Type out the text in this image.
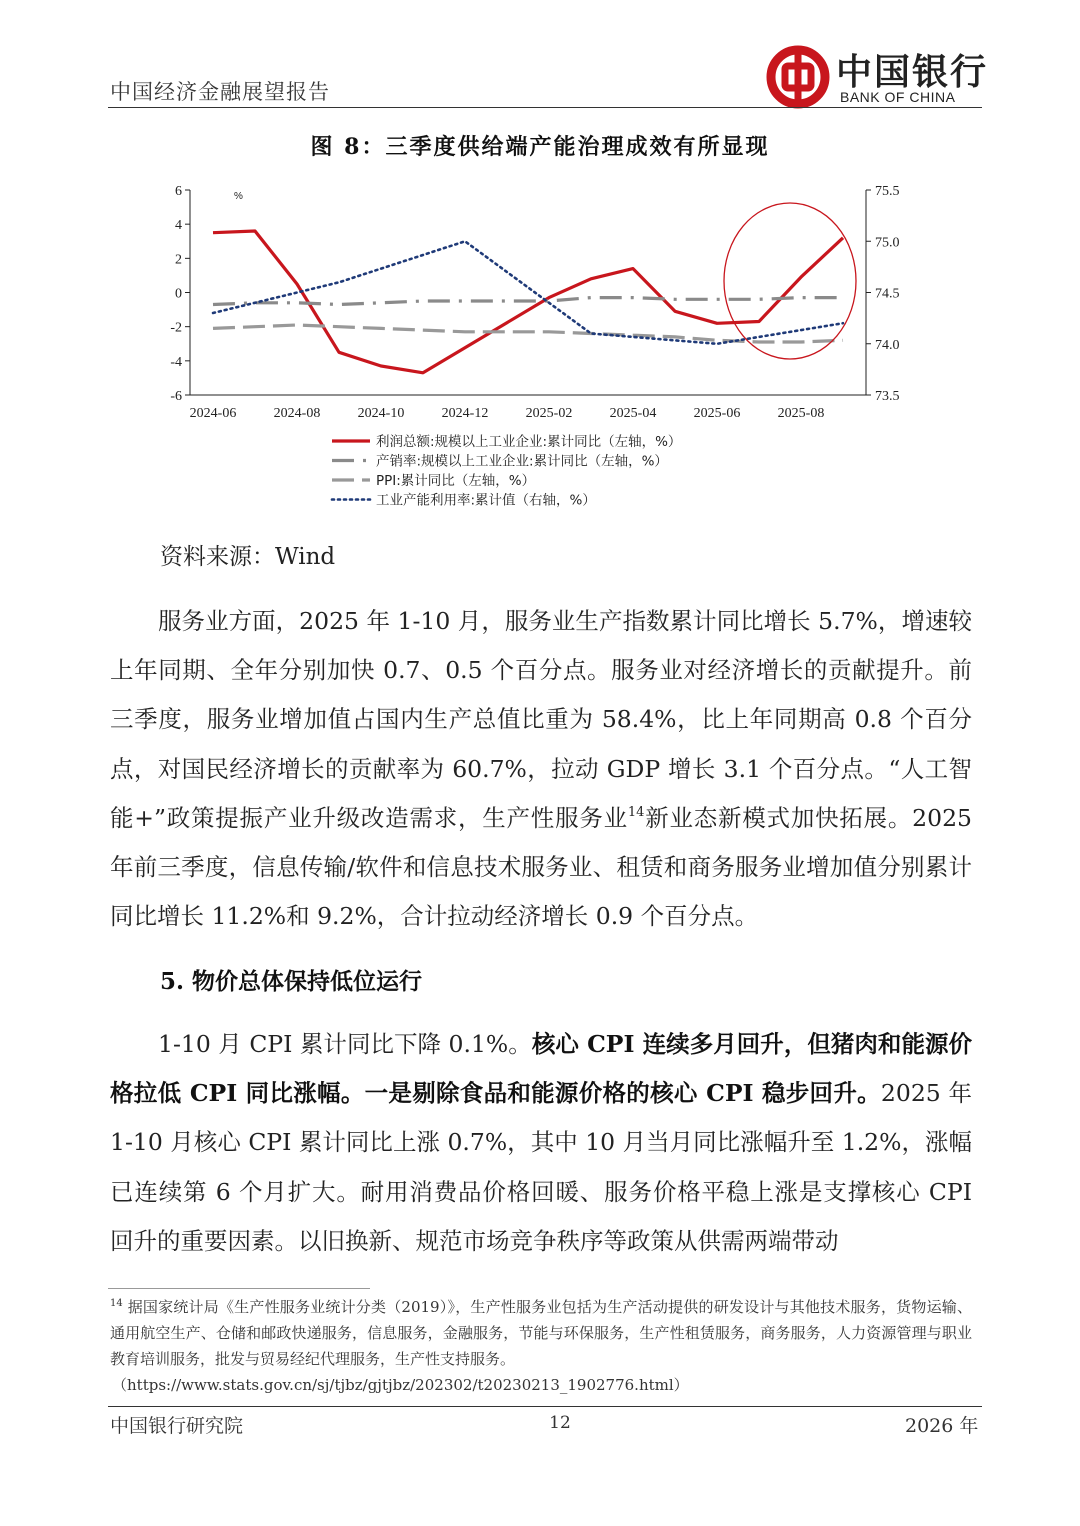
中国经济金融展望报告	中国银行
BANK OF CHINA
图 8：三季度供给端产能治理成效有所显现
6
4
2
0
-2
-4
-6
75.5
75.0
74.5
74.0
73.5
%
2024-06	2024-08	2024-10	2024-12	2025-02	2025-04	2025-06	2025-08
利润总额:规模以上工业企业:累计同比（左轴，%）
产销率:规模以上工业企业:累计同比（左轴，%）
PPI:累计同比（左轴，%）
工业产能利用率:累计值（右轴，%）
资料来源：Wind
服务业方面，2025 年 1-10 月，服务业生产指数累计同比增长 5.7%，增速较上年同期、全年分别加快 0.7、0.5 个百分点。服务业对经济增长的贡献提升。前三季度，服务业增加值占国内生产总值比重为 58.4%，比上年同期高 0.8 个百分点，对国民经济增长的贡献率为 60.7%，拉动 GDP 增长 3.1 个百分点。“人工智能+”政策提振产业升级改造需求，生产性服务业$^{14}$新业态新模式加快拓展。2025 年前三季度，信息传输/软件和信息技术服务业、租赁和商务服务业增加值分别累计同比增长 11.2%和 9.2%，合计拉动经济增长 0.9 个百分点。
5. 物价总体保持低位运行
1-10 月 CPI 累计同比下降 0.1%。核心 CPI 连续多月回升，但猪肉和能源价格拉低 CPI 同比涨幅。一是剔除食品和能源价格的核心 CPI 稳步回升。2025 年 1-10 月核心 CPI 累计同比上涨 0.7%，其中 10 月当月同比涨幅升至 1.2%，涨幅已连续第 6 个月扩大。耐用消费品价格回暖、服务价格平稳上涨是支撑核心 CPI 回升的重要因素。以旧换新、规范市场竞争秩序等政策从供需两端带动
$^{14}$ 据国家统计局《生产性服务业统计分类（2019）》，生产性服务业包括为生产活动提供的研发设计与其他技术服务，货物运输、通用航空生产、仓储和邮政快递服务，信息服务，金融服务，节能与环保服务，生产性租赁服务，商务服务，人力资源管理与职业教育培训服务，批发与贸易经纪代理服务，生产性支持服务。
（https://www.stats.gov.cn/sj/tjbz/gjtjbz/202302/t20230213_1902776.html）
中国银行研究院	12	2026 年
